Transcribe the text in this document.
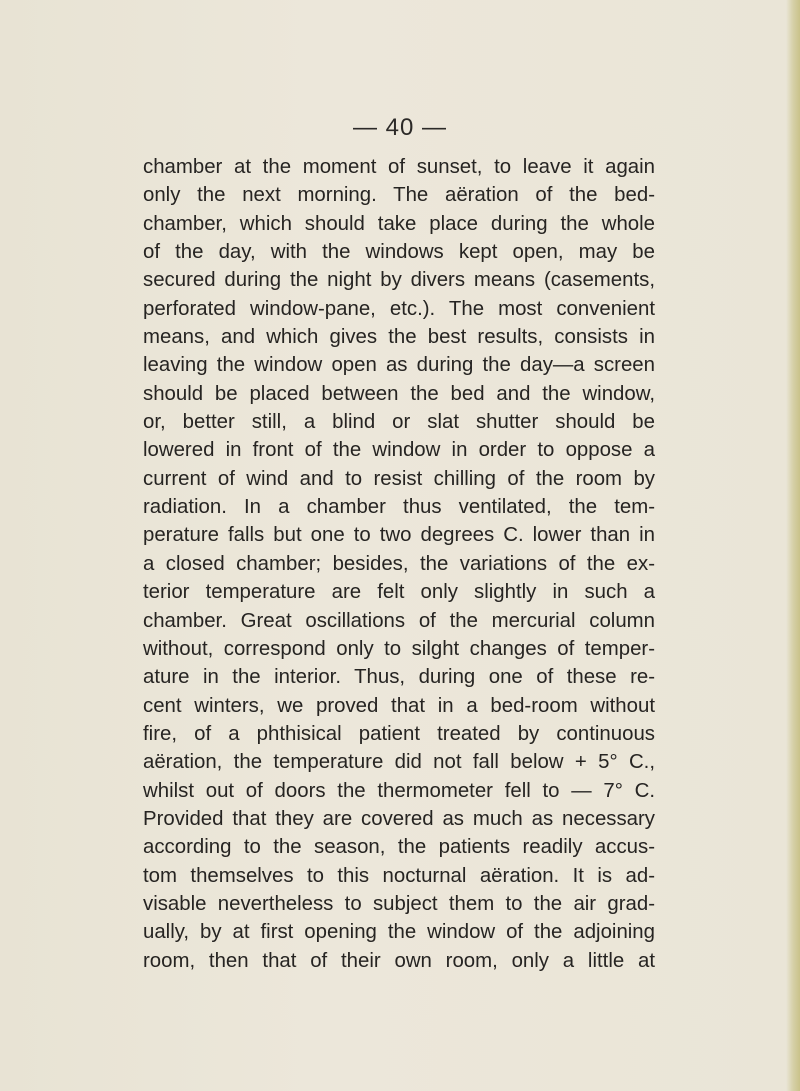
— 40 —
chamber at the moment of sunset, to leave it again
only the next morning. The aëration of the bed-
chamber, which should take place during the whole
of the day, with the windows kept open, may be
secured during the night by divers means (casements,
perforated window-pane, etc.). The most convenient
means, and which gives the best results, consists in
leaving the window open as during the day—a screen
should be placed between the bed and the window,
or, better still, a blind or slat shutter should be
lowered in front of the window in order to oppose a
current of wind and to resist chilling of the room by
radiation. In a chamber thus ventilated, the tem-
perature falls but one to two degrees C. lower than in
a closed chamber; besides, the variations of the ex-
terior temperature are felt only slightly in such a
chamber. Great oscillations of the mercurial column
without, correspond only to silght changes of temper-
ature in the interior. Thus, during one of these re-
cent winters, we proved that in a bed-room without
fire, of a phthisical patient treated by continuous
aëration, the temperature did not fall below + 5° C.,
whilst out of doors the thermometer fell to — 7° C.
Provided that they are covered as much as necessary
according to the season, the patients readily accus-
tom themselves to this nocturnal aëration. It is ad-
visable nevertheless to subject them to the air grad-
ually, by at first opening the window of the adjoining
room, then that of their own room, only a little at
